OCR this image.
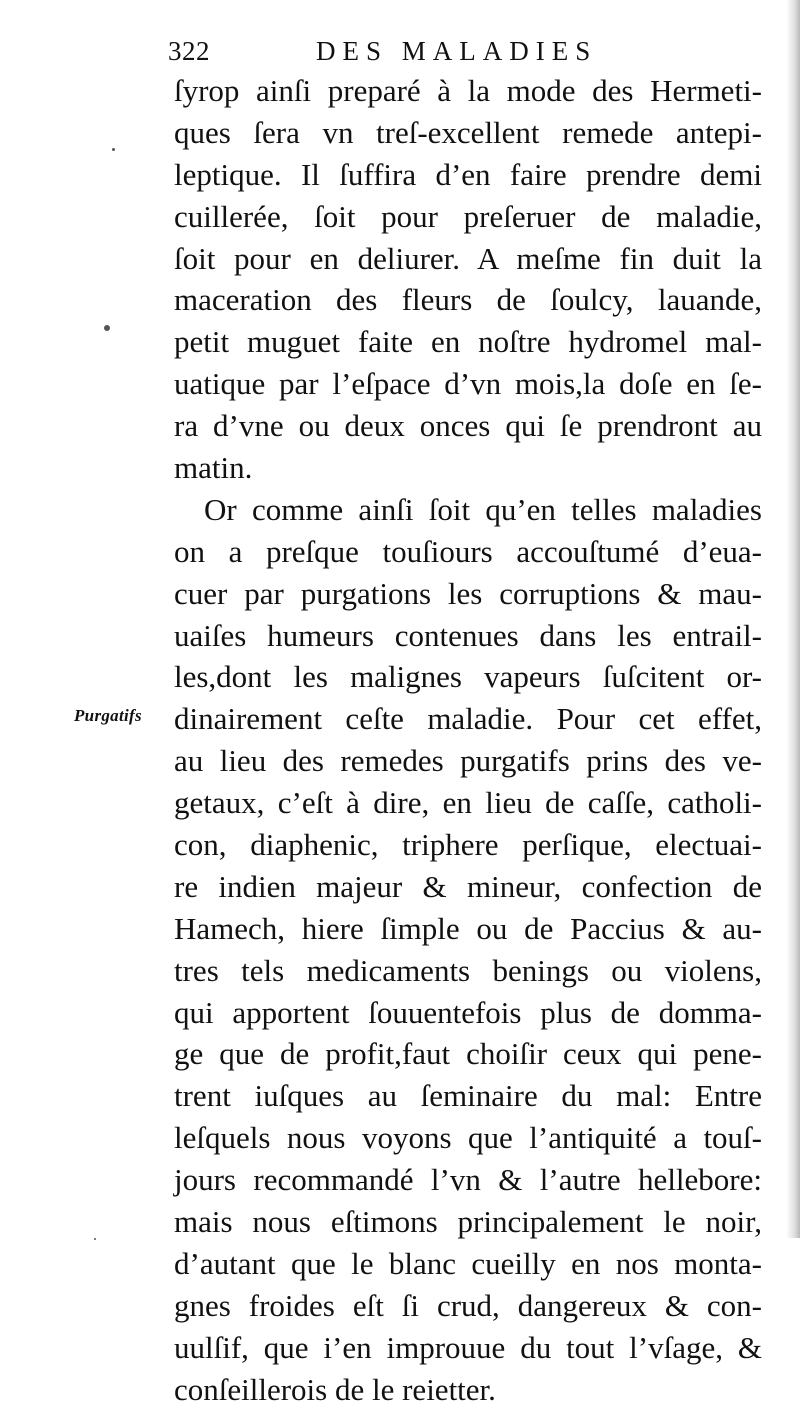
322	DES MALADIES
Purgatifs
ſyrop ainſi preparé à la mode des Hermeti-
ques ſera vn treſ-excellent remede antepi-
leptique. Il ſuffira d’en faire prendre demi
cuillerée, ſoit pour preſeruer de maladie,
ſoit pour en deliurer. A meſme fin duit la
maceration des fleurs de ſoulcy, lauande,
petit muguet faite en noſtre hydromel mal-
uatique par l’eſpace d’vn mois,la doſe en ſe-
ra d’vne ou deux onces qui ſe prendront au
matin.
Or comme ainſi ſoit qu’en telles maladies
on a preſque touſiours accouſtumé d’eua-
cuer par purgations les corruptions & mau-
uaiſes humeurs contenues dans les entrail-
les,dont les malignes vapeurs ſuſcitent or-
dinairement ceſte maladie. Pour cet effet,
au lieu des remedes purgatifs prins des ve-
getaux, c’eſt à dire, en lieu de caſſe, catholi-
con, diaphenic, triphere perſique, electuai-
re indien majeur & mineur, confection de
Hamech, hiere ſimple ou de Paccius & au-
tres tels medicaments benings ou violens,
qui apportent ſouuentefois plus de domma-
ge que de profit,faut choiſir ceux qui pene-
trent iuſques au ſeminaire du mal: Entre
leſquels nous voyons que l’antiquité a touſ-
jours recommandé l’vn & l’autre hellebore:
mais nous eſtimons principalement le noir,
d’autant que le blanc cueilly en nos monta-
gnes froides eſt ſi crud, dangereux & con-
uulſif, que i’en improuue du tout l’vſage, &
conſeillerois de le reietter.
